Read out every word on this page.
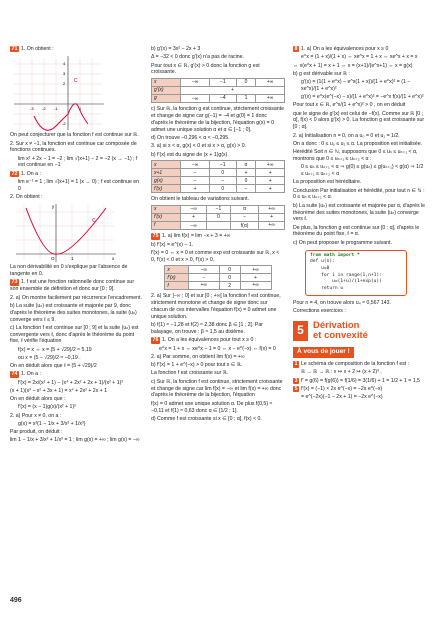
71 1. On obtient :
C
-3 -2 -1	1
2
3
4
-2
On peut conjecturer que la fonction f est continue sur ℝ.
2. Sur x ≠ −1, la fonction est continue car composée de fonctions continues.
lim x² + 2x − 1 = −2 ; lim √(x+1) − 2 = −2 (x → −1) ; f est continue en −1
72 1. On a :
lim e⁻¹ = 1 ; lim √(x+1) = 1 (x → 0) ; f est continue en 0
2. On obtient :
y
C
O	1	x
La non dérivabilité en 0 s'explique par l'absence de tangente en 0.
73 1. f est une fonction rationnelle donc continue sur son ensemble de définition et donc sur [0 ; 9].
2. a) On montre facilement par récurrence l'encadrement.
b) La suite (uₙ) est croissante et majorée par 9, donc d'après le théorème des suites monotones, la suite (uₙ) converge vers ℓ ≤ 9.
c) La fonction f est continue sur [0 ; 9] et la suite (uₙ) est convergente vers ℓ, donc d'après le théorème du point fixe, ℓ vérifie l'équation
f(x) = x ⇔ x = (5 + √29)/2 ≈ 5,19
ou x = (5 − √29)/2 ≈ −0,19 .
On en déduit alors que ℓ = (5 + √29)/2
74 1. On a :
f′(x) = 2x/(x² + 1) − (x⁴ + 2x² + 2x + 1)/(x² + 1)²
(x + 1)(x³ − x² + 3x + 1) = x⁴ + 2x² + 2x + 1
On en déduit alors que :
f′(x) = (x − 1)g(x)/(x² + 1)²
2. a) Pour x ≠ 0, on a :
g(x) = x³(1 − 1/x + 3/x² + 1/x³)
Par produit, on déduit :
lim 1 − 1/x + 3/x² + 1/x³ = 1 ; lim g(x) = +∞ ; lim g(x) = −∞
b) g′(x) = 3x² − 2x + 3
Δ = −32 < 0 donc g′(x) n'a pas de racine.
Pour tout x ∈ ℝ, g′(x) > 0 donc la fonction g est croissante.
x	−∞	−1	0	+∞
g′(x)	+			
g	−∞	−4	1	+∞
c) Sur ℝ, la fonction g est continue, strictement croissante et change de signe car g(−1) = −4 et g(0) = 1 donc d'après le théorème de la bijection, l'équation g(x) = 0 admet une unique solution α et α ∈ [−1 ; 0].
d) On trouve −0,296 < α < −0,295.
3. a) si x < α, g(x) < 0 et si x > α, g(x) > 0.
b) f′(x) est du signe de (x + 1)g(x).
x	−∞	−1	α	+∞
x+1	−	0	+	+
g(x)	−	−	0	+
f′(x)	+	0	−	+
On obtient le tableau de variations suivant.
x	−∞	−1	α	+∞
f′(x)	+	0	−	+
f	−∞		f(α)	+∞
75 1. a) lim f(x) = lim −x + 3 = +∞
b) f′(x) = e^(x) − 1.
f′(x) = 0 ⇔ x = 0 et comme exp est croissante sur ℝ, x < 0, f′(x) < 0 et x > 0, f′(x) > 0.
x	−∞	0	+∞
f′(x)	−	0	+
f	+∞	2	+∞
2. a) Sur ]−∞ ; 0] et sur [0 ; +∞[ la fonction f est continue, strictement monotone et change de signe donc sur chacun de ces intervalles l'équation f(x) = 0 admet une unique solution.
b) f(1) ≈ −1,28 et f(2) ≈ 2,38 donc β ∈ ]1 ; 2[. Par balayage, on trouve : β ≈ 1,5 au dixième.
76 1. On a les équivalences pour tout x ≥ 0 :
e^x = 1 + x ⇔ xe^x − 1 = 0 ⇔ x − e^(−x) ⇔ f(x) = 0
2. a) Par somme, on obtient lim f(x) = +∞
b) f′(x) = 1 + e^(−x) > 0 pour tout x ∈ ℝ.
La fonction f est croissante sur ℝ.
c) Sur ℝ, la fonction f est continue, strictement croissante et change de signe car lim f(x) = −∞ et lim f(x) = +∞ donc d'après le théorème de la bijection, l'équation
f(x) = 0 admet une unique solution α. De plus f(0,5) ≈ −0,11 et f(1) ≈ 0,63 donc α ∈ [1/2 ; 1].
d) Comme f est croissante si x ∈ [0 ; α], f(x) < 0.
8 1. a) On a les équivalences pour x ≥ 0
e^x = (1 + x)/(1 + x) ⇔ xe^x = 1 + x ⇔ xe^x + x = x
⇔ x(e^x + 1) = x + 1 ⇔ x = (x+1)/(e^x+1) ⇔ x = g(x)
b) g est dérivable sur ℝ :
g′(x) = (1(1 + e^x) − e^x(1 + x))/(1 + e^x)² = (1 − xe^x)/(1 + e^x)²
g′(x) = e^x(e^(−x) − x)/(1 + e^x)² = −e^x f(x)/(1 + e^x)²
Pour tout x ∈ ℝ, e^x/(1 + e^x)² > 0 , on en déduit
que le signe de g′(x) est celui de −f(x). Comme sur ℝ [0 ; α], f(x) < 0 alors g′(x) > 0. La fonction g est croissante sur [0 ; α].
2. a) Initialisation n = 0, on a u₀ = 0 et u₁ = 1/2.
On a donc : 0 ≤ u₀ ≤ u₁ ≤ α. La proposition est initialisée.
Hérédité Soit n ∈ ℕ, supposons que 0 ≤ uₙ ≤ uₙ₊₁ < α, montrons que 0 ≤ uₙ₊₁ ≤ uₙ₊₂ < α :
0 ≤ uₙ ≤ uₙ₊₁ < α ⇒ g(0) ≤ g(uₙ) ≤ g(uₙ₊₁) < g(α) ⇒ 1/2 ≤ uₙ₊₁ ≤ uₙ₊₂ < α
La proposition est héréditaire.
Conclusion Par initialisation et hérédité, pour tout n ∈ ℕ : 0 ≤ uₙ ≤ uₙ₊₁ < α.
b) La suite (uₙ) est croissante et majorée par α, d'après le théorème des suites monotones, la suite (uₙ) converge vers ℓ.
De plus, la fonction g est continue sur [0 ; α], d'après le théorème du point fixe, ℓ = α.
c) On peut proposer le programme suivant.
from math import *
def u(n):
u=0
for i in range(1,n+1):
u=(1+u)/(1+exp(u))
return u
Pour n = 4, on trouve alors u₄ ≈ 0,567 143.
Corrections exercices :
5 Dérivation
et convexité
À vous de jouer !
1 Le schéma de composition de la fonction f est :
ℝ → ℝ → ℝ : x ↦ x + 2 ↦ (x + 2)³ ,
3 f′ = g(6) = f(g(6)) = f(1/6) = 3(1/6) + 1 = 1/2 + 1 = 1,5
5 f′(x) = (−1) × 2x e^(−x) = −2x e^(−x)
= e^(−2x)(−1 − 2x + 1) = −2x e^(−x)
496
